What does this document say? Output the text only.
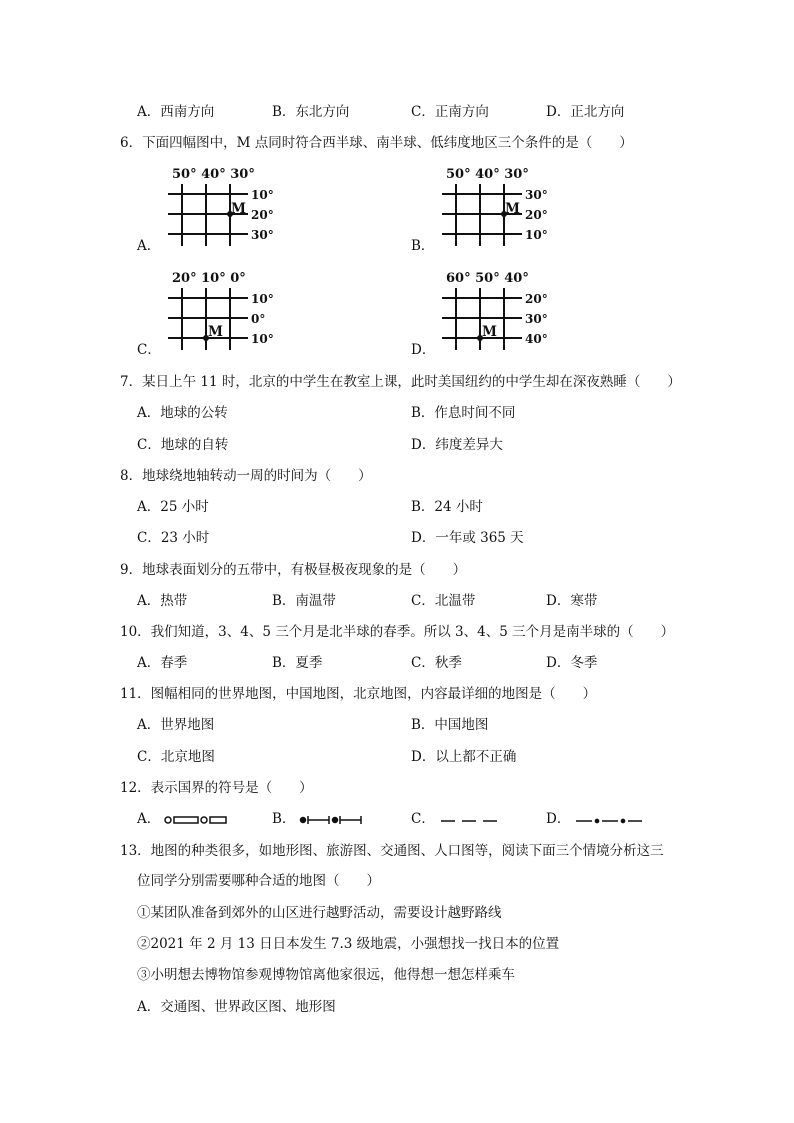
A．西南方向	B．东北方向	C．正南方向	D．正北方向
6．下面四幅图中，M 点同时符合西半球、南半球、低纬度地区三个条件的是（　　）
A．
50° 40° 30°
M
10°
20°
30°
B．
50° 40° 30°
M
30°
20°
10°
C．
20° 10° 0°
M
10°
0°
10°
D．
60° 50° 40°
M
20°
30°
40°
7．某日上午 11 时，北京的中学生在教室上课，此时美国纽约的中学生却在深夜熟睡（　　）
A．地球的公转	B．作息时间不同
C．地球的自转	D．纬度差异大
8．地球绕地轴转动一周的时间为（　　）
A．25 小时	B．24 小时
C．23 小时	D．一年或 365 天
9．地球表面划分的五带中，有极昼极夜现象的是（　　）
A．热带	B．南温带	C．北温带	D．寒带
10．我们知道，3、4、5 三个月是北半球的春季。所以 3、4、5 三个月是南半球的（　　）
A．春季	B．夏季	C．秋季	D．冬季
11．图幅相同的世界地图，中国地图，北京地图，内容最详细的地图是（　　）
A．世界地图	B．中国地图
C．北京地图	D．以上都不正确
12．表示国界的符号是（　　）
A．	B．	C．	D．
13．地图的种类很多，如地形图、旅游图、交通图、人口图等，阅读下面三个情境分析这三
位同学分别需要哪种合适的地图（　　）
①某团队准备到郊外的山区进行越野活动，需要设计越野路线
②2021 年 2 月 13 日日本发生 7.3 级地震，小强想找一找日本的位置
③小明想去博物馆参观博物馆离他家很远，他得想一想怎样乘车
A．交通图、世界政区图、地形图
